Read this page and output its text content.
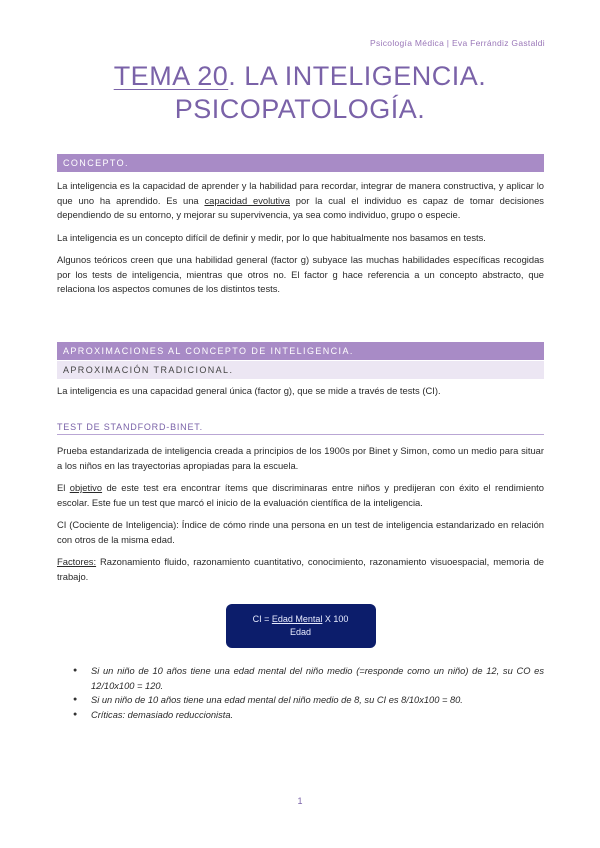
Psicología Médica | Eva Ferrándiz Gastaldi
TEMA 20. LA INTELIGENCIA.
PSICOPATOLOGÍA.
CONCEPTO.

La inteligencia es la capacidad de aprender y la habilidad para recordar, integrar de manera constructiva, y aplicar lo que uno ha aprendido. Es una capacidad evolutiva por la cual el individuo es capaz de tomar decisiones dependiendo de su entorno, y mejorar su supervivencia, ya sea como individuo, grupo o especie.

La inteligencia es un concepto difícil de definir y medir, por lo que habitualmente nos basamos en tests.

Algunos teóricos creen que una habilidad general (factor g) subyace las muchas habilidades específicas recogidas por los tests de inteligencia, mientras que otros no. El factor g hace referencia a un concepto abstracto, que relaciona los aspectos comunes de los distintos tests.

APROXIMACIONES AL CONCEPTO DE INTELIGENCIA.
APROXIMACIÓN TRADICIONAL.

La inteligencia es una capacidad general única (factor g), que se mide a través de tests (CI).

TEST DE STANDFORD-BINET.

Prueba estandarizada de inteligencia creada a principios de los 1900s por Binet y Simon, como un medio para situar a los niños en las trayectorias apropiadas para la escuela.

El objetivo de este test era encontrar ítems que discriminaras entre niños y predijeran con éxito el rendimiento escolar. Este fue un test que marcó el inicio de la evaluación científica de la inteligencia.

CI (Cociente de Inteligencia): Índice de cómo rinde una persona en un test de inteligencia estandarizado en relación con otros de la misma edad.

Factores: Razonamiento fluido, razonamiento cuantitativo, conocimiento, razonamiento visuoespacial, memoria de trabajo.

CI = Edad Mental X 100
Edad
● Si un niño de 10 años tiene una edad mental del niño medio (=responde como un niño) de 12, su CO es 12/10x100 = 120.
● Si un niño de 10 años tiene una edad mental del niño medio de 8, su CI es 8/10x100 = 80.
● Críticas: demasiado reduccionista.
1
